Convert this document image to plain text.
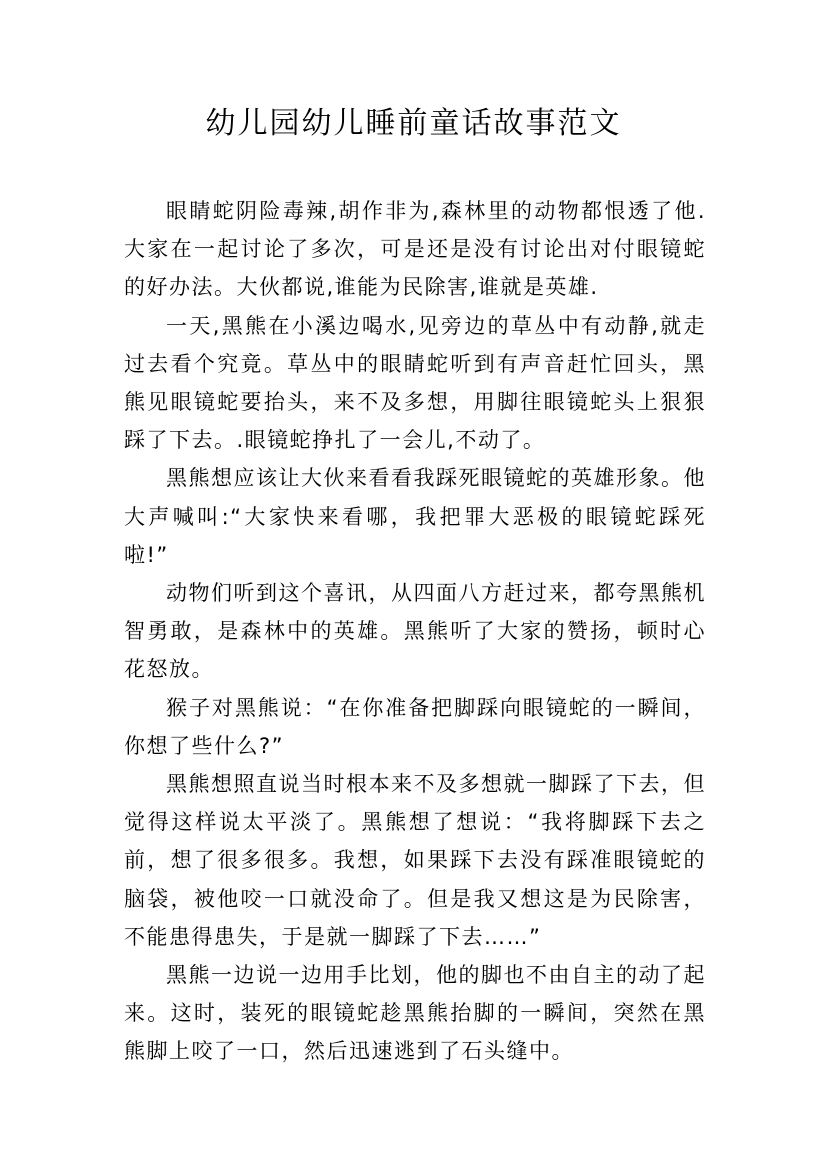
幼儿园幼儿睡前童话故事范文

眼睛蛇阴险毒辣,胡作非为,森林里的动物都恨透了他.大家在一起讨论了多次，可是还是没有讨论出对付眼镜蛇的好办法。大伙都说,谁能为民除害,谁就是英雄.

一天,黑熊在小溪边喝水,见旁边的草丛中有动静,就走过去看个究竟。草丛中的眼睛蛇听到有声音赶忙回头，黑熊见眼镜蛇要抬头，来不及多想，用脚往眼镜蛇头上狠狠踩了下去。.眼镜蛇挣扎了一会儿,不动了。

黑熊想应该让大伙来看看我踩死眼镜蛇的英雄形象。他大声喊叫:“大家快来看哪，我把罪大恶极的眼镜蛇踩死啦!”

动物们听到这个喜讯，从四面八方赶过来，都夸黑熊机智勇敢，是森林中的英雄。黑熊听了大家的赞扬，顿时心花怒放。

猴子对黑熊说：“在你准备把脚踩向眼镜蛇的一瞬间，你想了些什么?”

黑熊想照直说当时根本来不及多想就一脚踩了下去，但觉得这样说太平淡了。黑熊想了想说：“我将脚踩下去之前，想了很多很多。我想，如果踩下去没有踩准眼镜蛇的脑袋，被他咬一口就没命了。但是我又想这是为民除害，不能患得患失，于是就一脚踩了下去……”

黑熊一边说一边用手比划，他的脚也不由自主的动了起来。这时，装死的眼镜蛇趁黑熊抬脚的一瞬间，突然在黑熊脚上咬了一口，然后迅速逃到了石头缝中。
